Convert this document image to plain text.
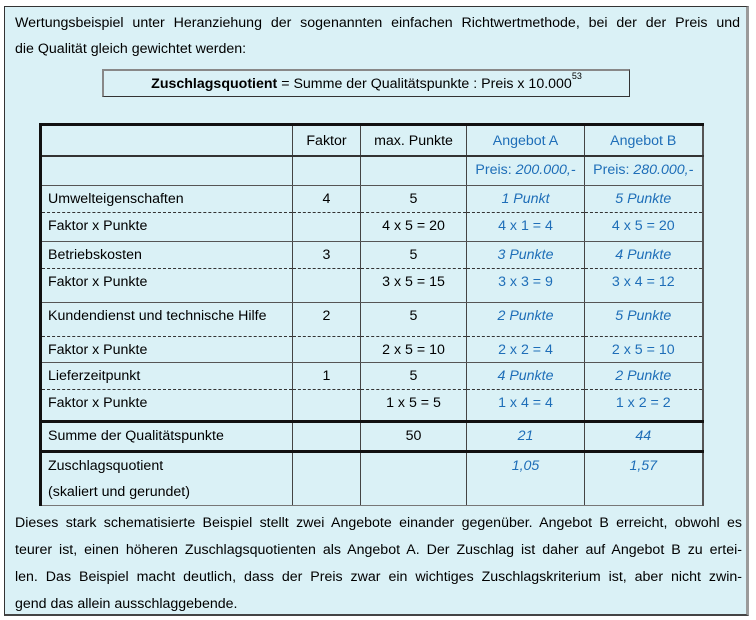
Wertungsbeispiel unter Heranziehung der sogenannten einfachen Richtwertmethode, bei der der Preis und
die Qualität gleich gewichtet werden:
Zuschlagsquotient = Summe der Qualitätspunkte : Preis x 10.000$^{53}$
	Faktor	max. Punkte	Angebot A	Angebot B
			Preis: 200.000,-	Preis: 280.000,-
Umwelteigenschaften	4	5	1 Punkt	5 Punkte
Faktor x Punkte		4 x 5 = 20	4 x 1 = 4	4 x 5 = 20
Betriebskosten	3	5	3 Punkte	4 Punkte
Faktor x Punkte		3 x 5 = 15	3 x 3 = 9	3 x 4 = 12
Kundendienst und technische Hilfe	2	5	2 Punkte	5 Punkte
Faktor x Punkte		2 x 5 = 10	2 x 2 = 4	2 x 5 = 10
Lieferzeitpunkt	1	5	4 Punkte	2 Punkte
Faktor x Punkte		1 x 5 = 5	1 x 4 = 4	1 x 2 = 2
Summe der Qualitätspunkte		50	21	44

Zuschlagsquotient
(skaliert und gerundet)			1,05	1,57
Dieses stark schematisierte Beispiel stellt zwei Angebote einander gegenüber. Angebot B erreicht, obwohl es
teurer ist, einen höheren Zuschlagsquotienten als Angebot A. Der Zuschlag ist daher auf Angebot B zu ertei-
len. Das Beispiel macht deutlich, dass der Preis zwar ein wichtiges Zuschlagskriterium ist, aber nicht zwin-
gend das allein ausschlaggebende.
